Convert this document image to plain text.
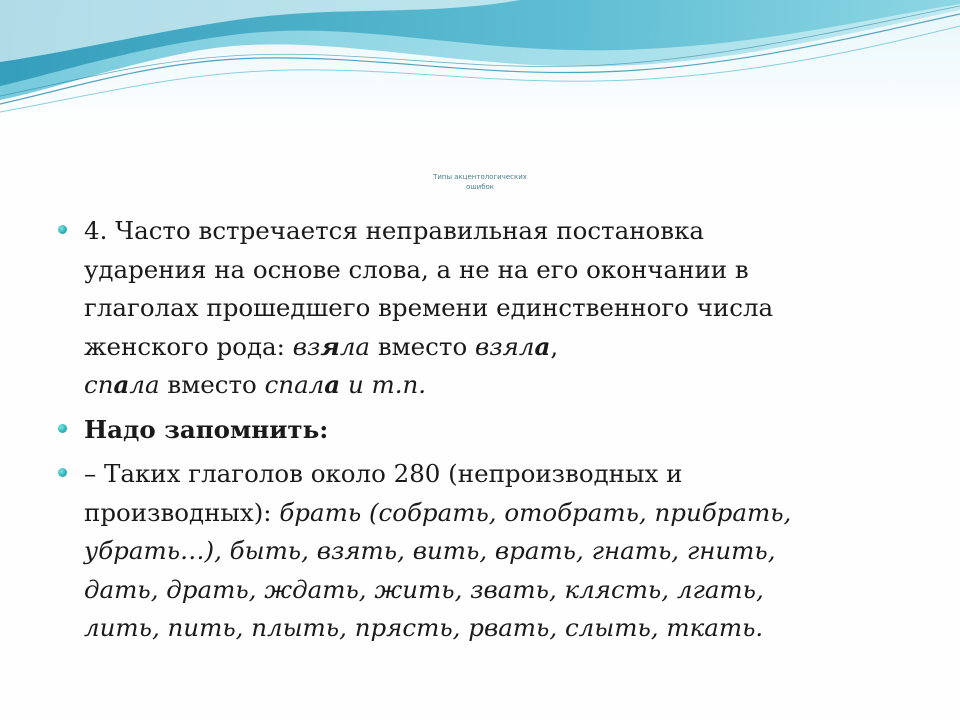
Типы акцентологических
ошибок

4. Часто встречается неправильная постановка

ударения на основе слова, а не на его окончании в

глаголах прошедшего времени единственного числа

женского рода: взяла вместо взяла,

спала вместо спала и т.п.

Надо запомнить:

– Таких глаголов около 280 (непроизводных и

производных): брать (собрать, отобрать, прибрать,

убрать…), быть, взять, вить, врать, гнать, гнить,

дать, драть, ждать, жить, звать, клясть, лгать,

лить, пить, плыть, прясть, рвать, слыть, ткать.
